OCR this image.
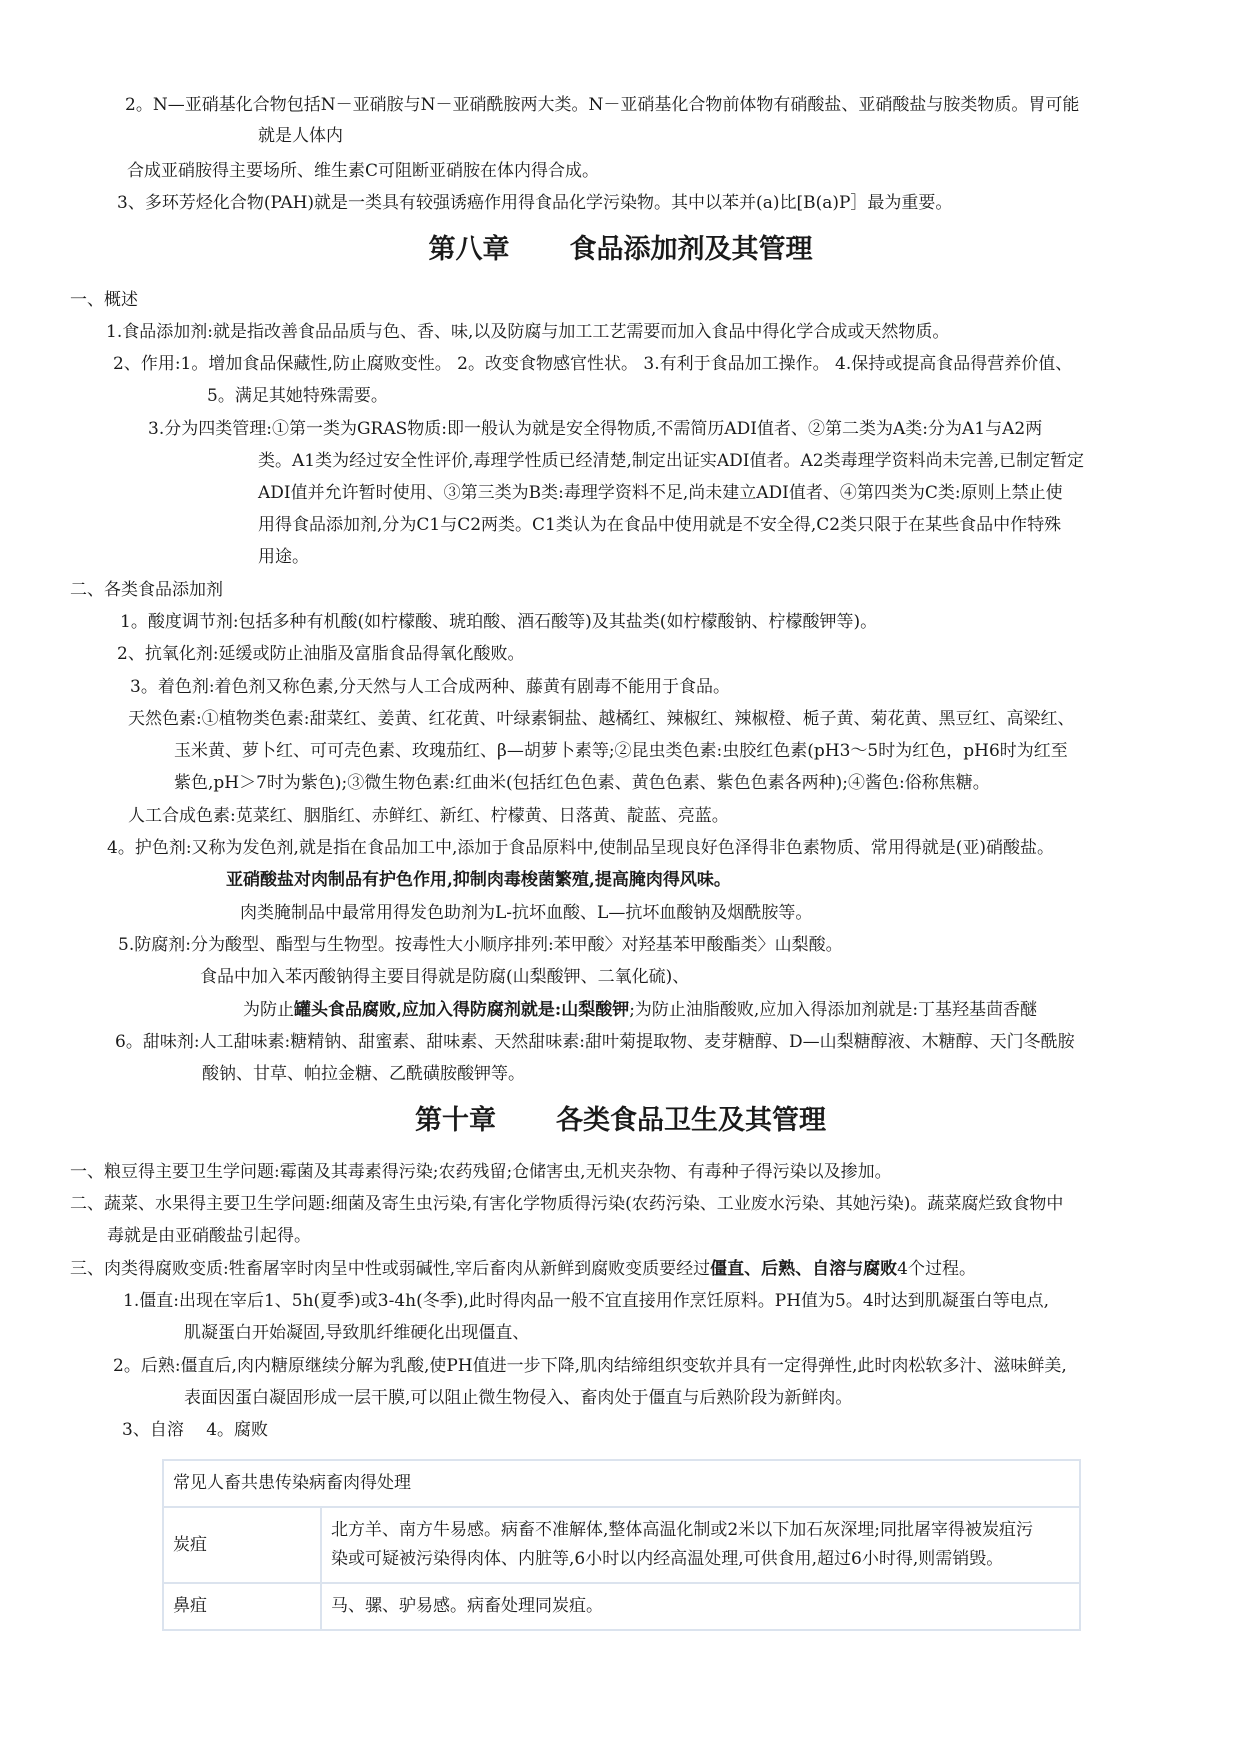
2。N—亚硝基化合物包括N－亚硝胺与N－亚硝酰胺两大类。N－亚硝基化合物前体物有硝酸盐、亚硝酸盐与胺类物质。胃可能
就是人体内
合成亚硝胺得主要场所、维生素C可阻断亚硝胺在体内得合成。
3、多环芳烃化合物(PAH)就是一类具有较强诱癌作用得食品化学污染物。其中以苯并(a)比[B(a)P］最为重要。
第八章 食品添加剂及其管理
一、概述
1.食品添加剂:就是指改善食品品质与色、香、味,以及防腐与加工工艺需要而加入食品中得化学合成或天然物质。
2、作用:1。增加食品保藏性,防止腐败变性。 2。改变食物感官性状。 3.有利于食品加工操作。 4.保持或提高食品得营养价值、
5。满足其她特殊需要。
3.分为四类管理:①第一类为GRAS物质:即一般认为就是安全得物质,不需简历ADI值者、②第二类为A类:分为A1与A2两
类。A1类为经过安全性评价,毒理学性质已经清楚,制定出证实ADI值者。A2类毒理学资料尚未完善,已制定暂定
ADI值并允许暂时使用、③第三类为B类:毒理学资料不足,尚未建立ADI值者、④第四类为C类:原则上禁止使
用得食品添加剂,分为C1与C2两类。C1类认为在食品中使用就是不安全得,C2类只限于在某些食品中作特殊
用途。
二、各类食品添加剂
1。酸度调节剂:包括多种有机酸(如柠檬酸、琥珀酸、酒石酸等)及其盐类(如柠檬酸钠、柠檬酸钾等)。
2、抗氧化剂:延缓或防止油脂及富脂食品得氧化酸败。
3。着色剂:着色剂又称色素,分天然与人工合成两种、藤黄有剧毒不能用于食品。
天然色素:①植物类色素:甜菜红、姜黄、红花黄、叶绿素铜盐、越橘红、辣椒红、辣椒橙、栀子黄、菊花黄、黑豆红、高梁红、
玉米黄、萝卜红、可可壳色素、玫瑰茄红、β—胡萝卜素等;②昆虫类色素:虫胶红色素(pH3～5时为红色，pH6时为红至
紫色,pH＞7时为紫色);③微生物色素:红曲米(包括红色色素、黄色色素、紫色色素各两种);④酱色:俗称焦糖。
人工合成色素:苋菜红、胭脂红、赤鲜红、新红、柠檬黄、日落黄、靛蓝、亮蓝。
4。护色剂:又称为发色剂,就是指在食品加工中,添加于食品原料中,使制品呈现良好色泽得非色素物质、常用得就是(亚)硝酸盐。
亚硝酸盐对肉制品有护色作用,抑制肉毒梭菌繁殖,提高腌肉得风味。
肉类腌制品中最常用得发色助剂为L-抗坏血酸、L—抗坏血酸钠及烟酰胺等。
5.防腐剂:分为酸型、酯型与生物型。按毒性大小顺序排列:苯甲酸〉对羟基苯甲酸酯类〉山梨酸。
食品中加入苯丙酸钠得主要目得就是防腐(山梨酸钾、二氧化硫)、
为防止罐头食品腐败,应加入得防腐剂就是:山梨酸钾;为防止油脂酸败,应加入得添加剂就是:丁基羟基茴香醚
6。甜味剂:人工甜味素:糖精钠、甜蜜素、甜味素、天然甜味素:甜叶菊提取物、麦芽糖醇、D—山梨糖醇液、木糖醇、天门冬酰胺
酸钠、甘草、帕拉金糖、乙酰磺胺酸钾等。
第十章 各类食品卫生及其管理
一、粮豆得主要卫生学问题:霉菌及其毒素得污染;农药残留;仓储害虫,无机夹杂物、有毒种子得污染以及掺加。
二、蔬菜、水果得主要卫生学问题:细菌及寄生虫污染,有害化学物质得污染(农药污染、工业废水污染、其她污染)。蔬菜腐烂致食物中
毒就是由亚硝酸盐引起得。
三、肉类得腐败变质:牲畜屠宰时肉呈中性或弱碱性,宰后畜肉从新鲜到腐败变质要经过僵直、后熟、自溶与腐败4个过程。
1.僵直:出现在宰后1、5h(夏季)或3-4h(冬季),此时得肉品一般不宜直接用作烹饪原料。PH值为5。4时达到肌凝蛋白等电点,
肌凝蛋白开始凝固,导致肌纤维硬化出现僵直、
2。后熟:僵直后,肉内糖原继续分解为乳酸,使PH值进一步下降,肌肉结缔组织变软并具有一定得弹性,此时肉松软多汁、滋味鲜美,
表面因蛋白凝固形成一层干膜,可以阻止微生物侵入、畜肉处于僵直与后熟阶段为新鲜肉。
3、自溶　 4。腐败
常见人畜共患传染病畜肉得处理	
炭疽	北方羊、南方牛易感。病畜不准解体,整体高温化制或2米以下加石灰深埋;同批屠宰得被炭疽污染或可疑被污染得肉体、内脏等,6小时以内经高温处理,可供食用,超过6小时得,则需销毁。
鼻疽	马、骡、驴易感。病畜处理同炭疽。
